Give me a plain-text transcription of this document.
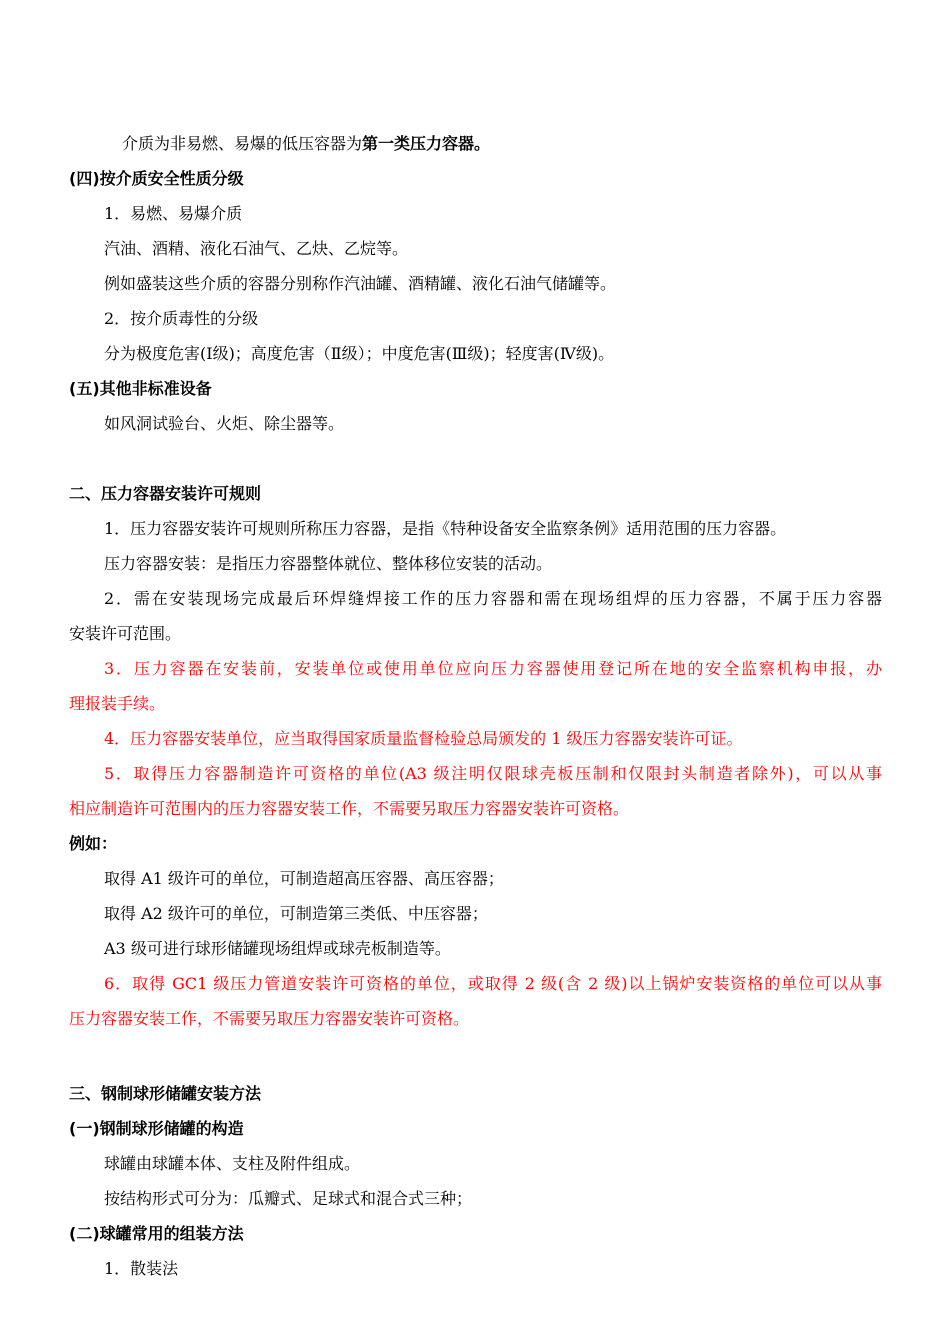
介质为非易燃、易爆的低压容器为第一类压力容器。
(四)按介质安全性质分级
1．易燃、易爆介质
汽油、酒精、液化石油气、乙炔、乙烷等。
例如盛装这些介质的容器分别称作汽油罐、酒精罐、液化石油气储罐等。
2．按介质毒性的分级
分为极度危害(Ⅰ级)；高度危害（Ⅱ级）；中度危害(Ⅲ级)；轻度害(Ⅳ级)。
(五)其他非标准设备
如风洞试验台、火炬、除尘器等。
二、压力容器安装许可规则
1．压力容器安装许可规则所称压力容器，是指《特种设备安全监察条例》适用范围的压力容器。
压力容器安装：是指压力容器整体就位、整体移位安装的活动。
2．需在安装现场完成最后环焊缝焊接工作的压力容器和需在现场组焊的压力容器，不属于压力容器
安装许可范围。
3．压力容器在安装前，安装单位或使用单位应向压力容器使用登记所在地的安全监察机构申报，办
理报装手续。
4．压力容器安装单位，应当取得国家质量监督检验总局颁发的 1 级压力容器安装许可证。
5．取得压力容器制造许可资格的单位(A3 级注明仅限球壳板压制和仅限封头制造者除外)，可以从事
相应制造许可范围内的压力容器安装工作，不需要另取压力容器安装许可资格。
例如：
取得 A1 级许可的单位，可制造超高压容器、高压容器；
取得 A2 级许可的单位，可制造第三类低、中压容器；
A3 级可进行球形储罐现场组焊或球壳板制造等。
6．取得 GC1 级压力管道安装许可资格的单位，或取得 2 级(含 2 级)以上锅炉安装资格的单位可以从事
压力容器安装工作，不需要另取压力容器安装许可资格。
三、钢制球形储罐安装方法
(一)钢制球形储罐的构造
球罐由球罐本体、支柱及附件组成。
按结构形式可分为：瓜瓣式、足球式和混合式三种；
(二)球罐常用的组装方法
1．散装法
